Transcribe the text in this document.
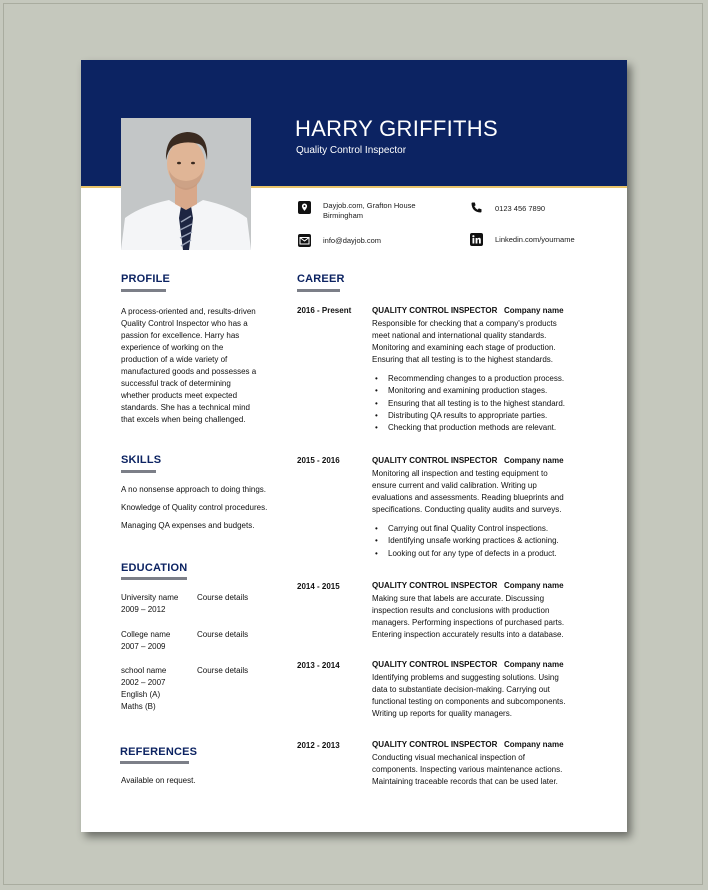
HARRY GRIFFITHS
Quality Control Inspector
Dayjob.com, Grafton House
Birmingham
0123 456 7890
info@dayjob.com	Linkedin.com/yourname
PROFILE
A process-oriented and, results-driven
Quality Control Inspector who has a
passion for excellence. Harry has
experience of working on the
production of a wide variety of
manufactured goods and possesses a
successful track of determining
whether products meet expected
standards. She has a technical mind
that excels when being challenged.
SKILLS
A no nonsense approach to doing things.
Knowledge of Quality control procedures.
Managing QA expenses and budgets.
EDUCATION
University name Course details
2009 – 2012
College name	Course details
2007 – 2009
school name	Course details
2002 – 2007
English (A)
Maths (B)
REFERENCES
Available on request.
CAREER
2016 - Present	QUALITY CONTROL INSPECTOR Company name
Responsible for checking that a company's products
meet national and international quality standards.
Monitoring and examining each stage of production.
Ensuring that all testing is to the highest standards.
• Recommending changes to a production process.
• Monitoring and examining production stages.
• Ensuring that all testing is to the highest standard.
• Distributing QA results to appropriate parties.
• Checking that production methods are relevant.
2015 - 2016	QUALITY CONTROL INSPECTOR Company name
Monitoring all inspection and testing equipment to
ensure current and valid calibration. Writing up
evaluations and assessments. Reading blueprints and
specifications. Conducting quality audits and surveys.
• Carrying out final Quality Control inspections.
• Identifying unsafe working practices & actioning.
• Looking out for any type of defects in a product.
2014 - 2015	QUALITY CONTROL INSPECTOR Company name
Making sure that labels are accurate. Discussing
inspection results and conclusions with production
managers. Performing inspections of purchased parts.
Entering inspection accurately results into a database.
2013 - 2014	QUALITY CONTROL INSPECTOR Company name
Identifying problems and suggesting solutions. Using
data to substantiate decision-making. Carrying out
functional testing on components and subcomponents.
Writing up reports for quality managers.
2012 - 2013	QUALITY CONTROL INSPECTOR Company name
Conducting visual mechanical inspection of
components. Inspecting various maintenance actions.
Maintaining traceable records that can be used later.
